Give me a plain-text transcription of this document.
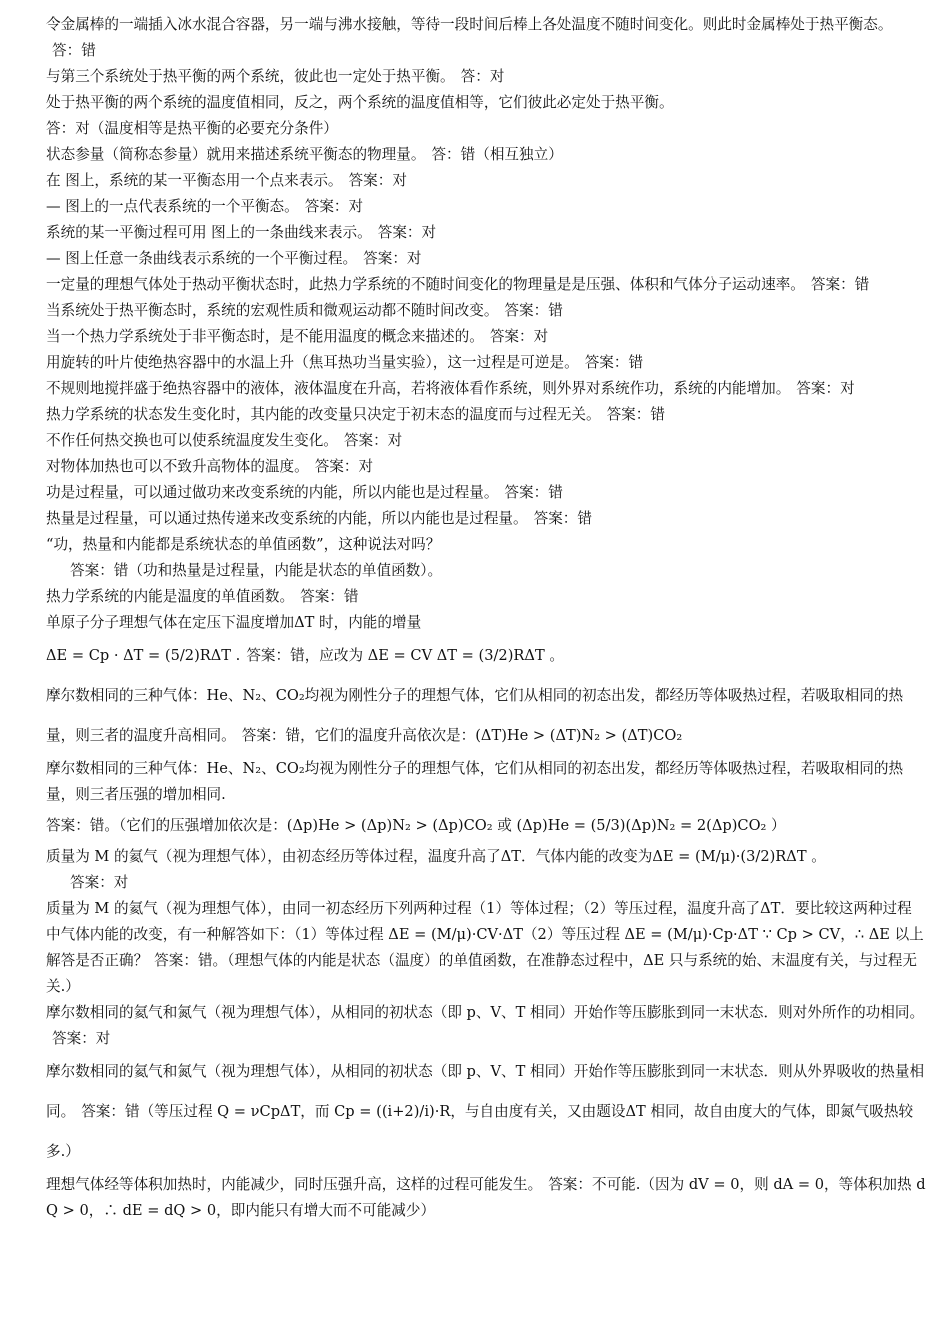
令金属棒的一端插入冰水混合容器，另一端与沸水接触，等待一段时间后棒上各处温度不随时间变化。则此时金属棒处于热平衡态。答：错

与第三个系统处于热平衡的两个系统，彼此也一定处于热平衡。 答：对

处于热平衡的两个系统的温度值相同，反之，两个系统的温度值相等，它们彼此必定处于热平衡。

答：对（温度相等是热平衡的必要充分条件）

状态参量（简称态参量）就用来描述系统平衡态的物理量。 答：错（相互独立）

在 图上，系统的某一平衡态用一个点来表示。 答案：对

— 图上的一点代表系统的一个平衡态。 答案：对

系统的某一平衡过程可用 图上的一条曲线来表示。 答案：对

— 图上任意一条曲线表示系统的一个平衡过程。 答案：对

一定量的理想气体处于热动平衡状态时，此热力学系统的不随时间变化的物理量是是压强、体积和气体分子运动速率。 答案：错

当系统处于热平衡态时，系统的宏观性质和微观运动都不随时间改变。 答案：错

当一个热力学系统处于非平衡态时，是不能用温度的概念来描述的。 答案：对

用旋转的叶片使绝热容器中的水温上升（焦耳热功当量实验），这一过程是可逆是。 答案：错

不规则地搅拌盛于绝热容器中的液体，液体温度在升高，若将液体看作系统，则外界对系统作功，系统的内能增加。 答案：对

热力学系统的状态发生变化时，其内能的改变量只决定于初末态的温度而与过程无关。 答案：错

不作任何热交换也可以使系统温度发生变化。 答案：对

对物体加热也可以不致升高物体的温度。 答案：对

功是过程量，可以通过做功来改变系统的内能，所以内能也是过程量。 答案：错

热量是过程量，可以通过热传递来改变系统的内能，所以内能也是过程量。 答案：错

“功，热量和内能都是系统状态的单值函数”，这种说法对吗？

答案：错（功和热量是过程量，内能是状态的单值函数）。

热力学系统的内能是温度的单值函数。 答案：错

单原子分子理想气体在定压下温度增加ΔT 时，内能的增量

ΔE = Cp · ΔT = (5/2)RΔT . 答案：错，应改为 ΔE = CV ΔT = (3/2)RΔT 。

摩尔数相同的三种气体：He、N₂、CO₂均视为刚性分子的理想气体，它们从相同的初态出发，都经历等体吸热过程，若吸取相同的热量，则三者的温度升高相同。 答案：错，它们的温度升高依次是：(ΔT)He > (ΔT)N₂ > (ΔT)CO₂

摩尔数相同的三种气体：He、N₂、CO₂均视为刚性分子的理想气体，它们从相同的初态出发，都经历等体吸热过程，若吸取相同的热量，则三者压强的增加相同.

答案：错。（它们的压强增加依次是：(Δp)He > (Δp)N₂ > (Δp)CO₂ 或 (Δp)He = (5/3)(Δp)N₂ = 2(Δp)CO₂ ）

质量为 M 的氦气（视为理想气体），由初态经历等体过程，温度升高了ΔT．气体内能的改变为ΔE = (M/μ)·(3/2)RΔT 。

答案：对

质量为 M 的氦气（视为理想气体），由同一初态经历下列两种过程（1）等体过程；（2）等压过程，温度升高了ΔT．要比较这两种过程中气体内能的改变，有一种解答如下：（1）等体过程 ΔE = (M/μ)·CV·ΔT（2）等压过程 ΔE = (M/μ)·Cp·ΔT ∵ Cp > CV，∴ ΔE 以上解答是否正确？ 答案：错。（理想气体的内能是状态（温度）的单值函数，在准静态过程中，ΔE 只与系统的始、末温度有关，与过程无关.）

摩尔数相同的氦气和氮气（视为理想气体），从相同的初状态（即 p、V、T 相同）开始作等压膨胀到同一末状态．则对外所作的功相同。答案：对

摩尔数相同的氦气和氮气（视为理想气体），从相同的初状态（即 p、V、T 相同）开始作等压膨胀到同一末状态．则从外界吸收的热量相同。 答案：错（等压过程 Q = νCpΔT，而 Cp = ((i+2)/i)·R，与自由度有关，又由题设ΔT 相同，故自由度大的气体，即氮气吸热较多.）

理想气体经等体积加热时，内能减少，同时压强升高，这样的过程可能发生。 答案：不可能.（因为 dV = 0，则 dA = 0，等体积加热 dQ > 0，∴ dE = dQ > 0，即内能只有增大而不可能减少）
